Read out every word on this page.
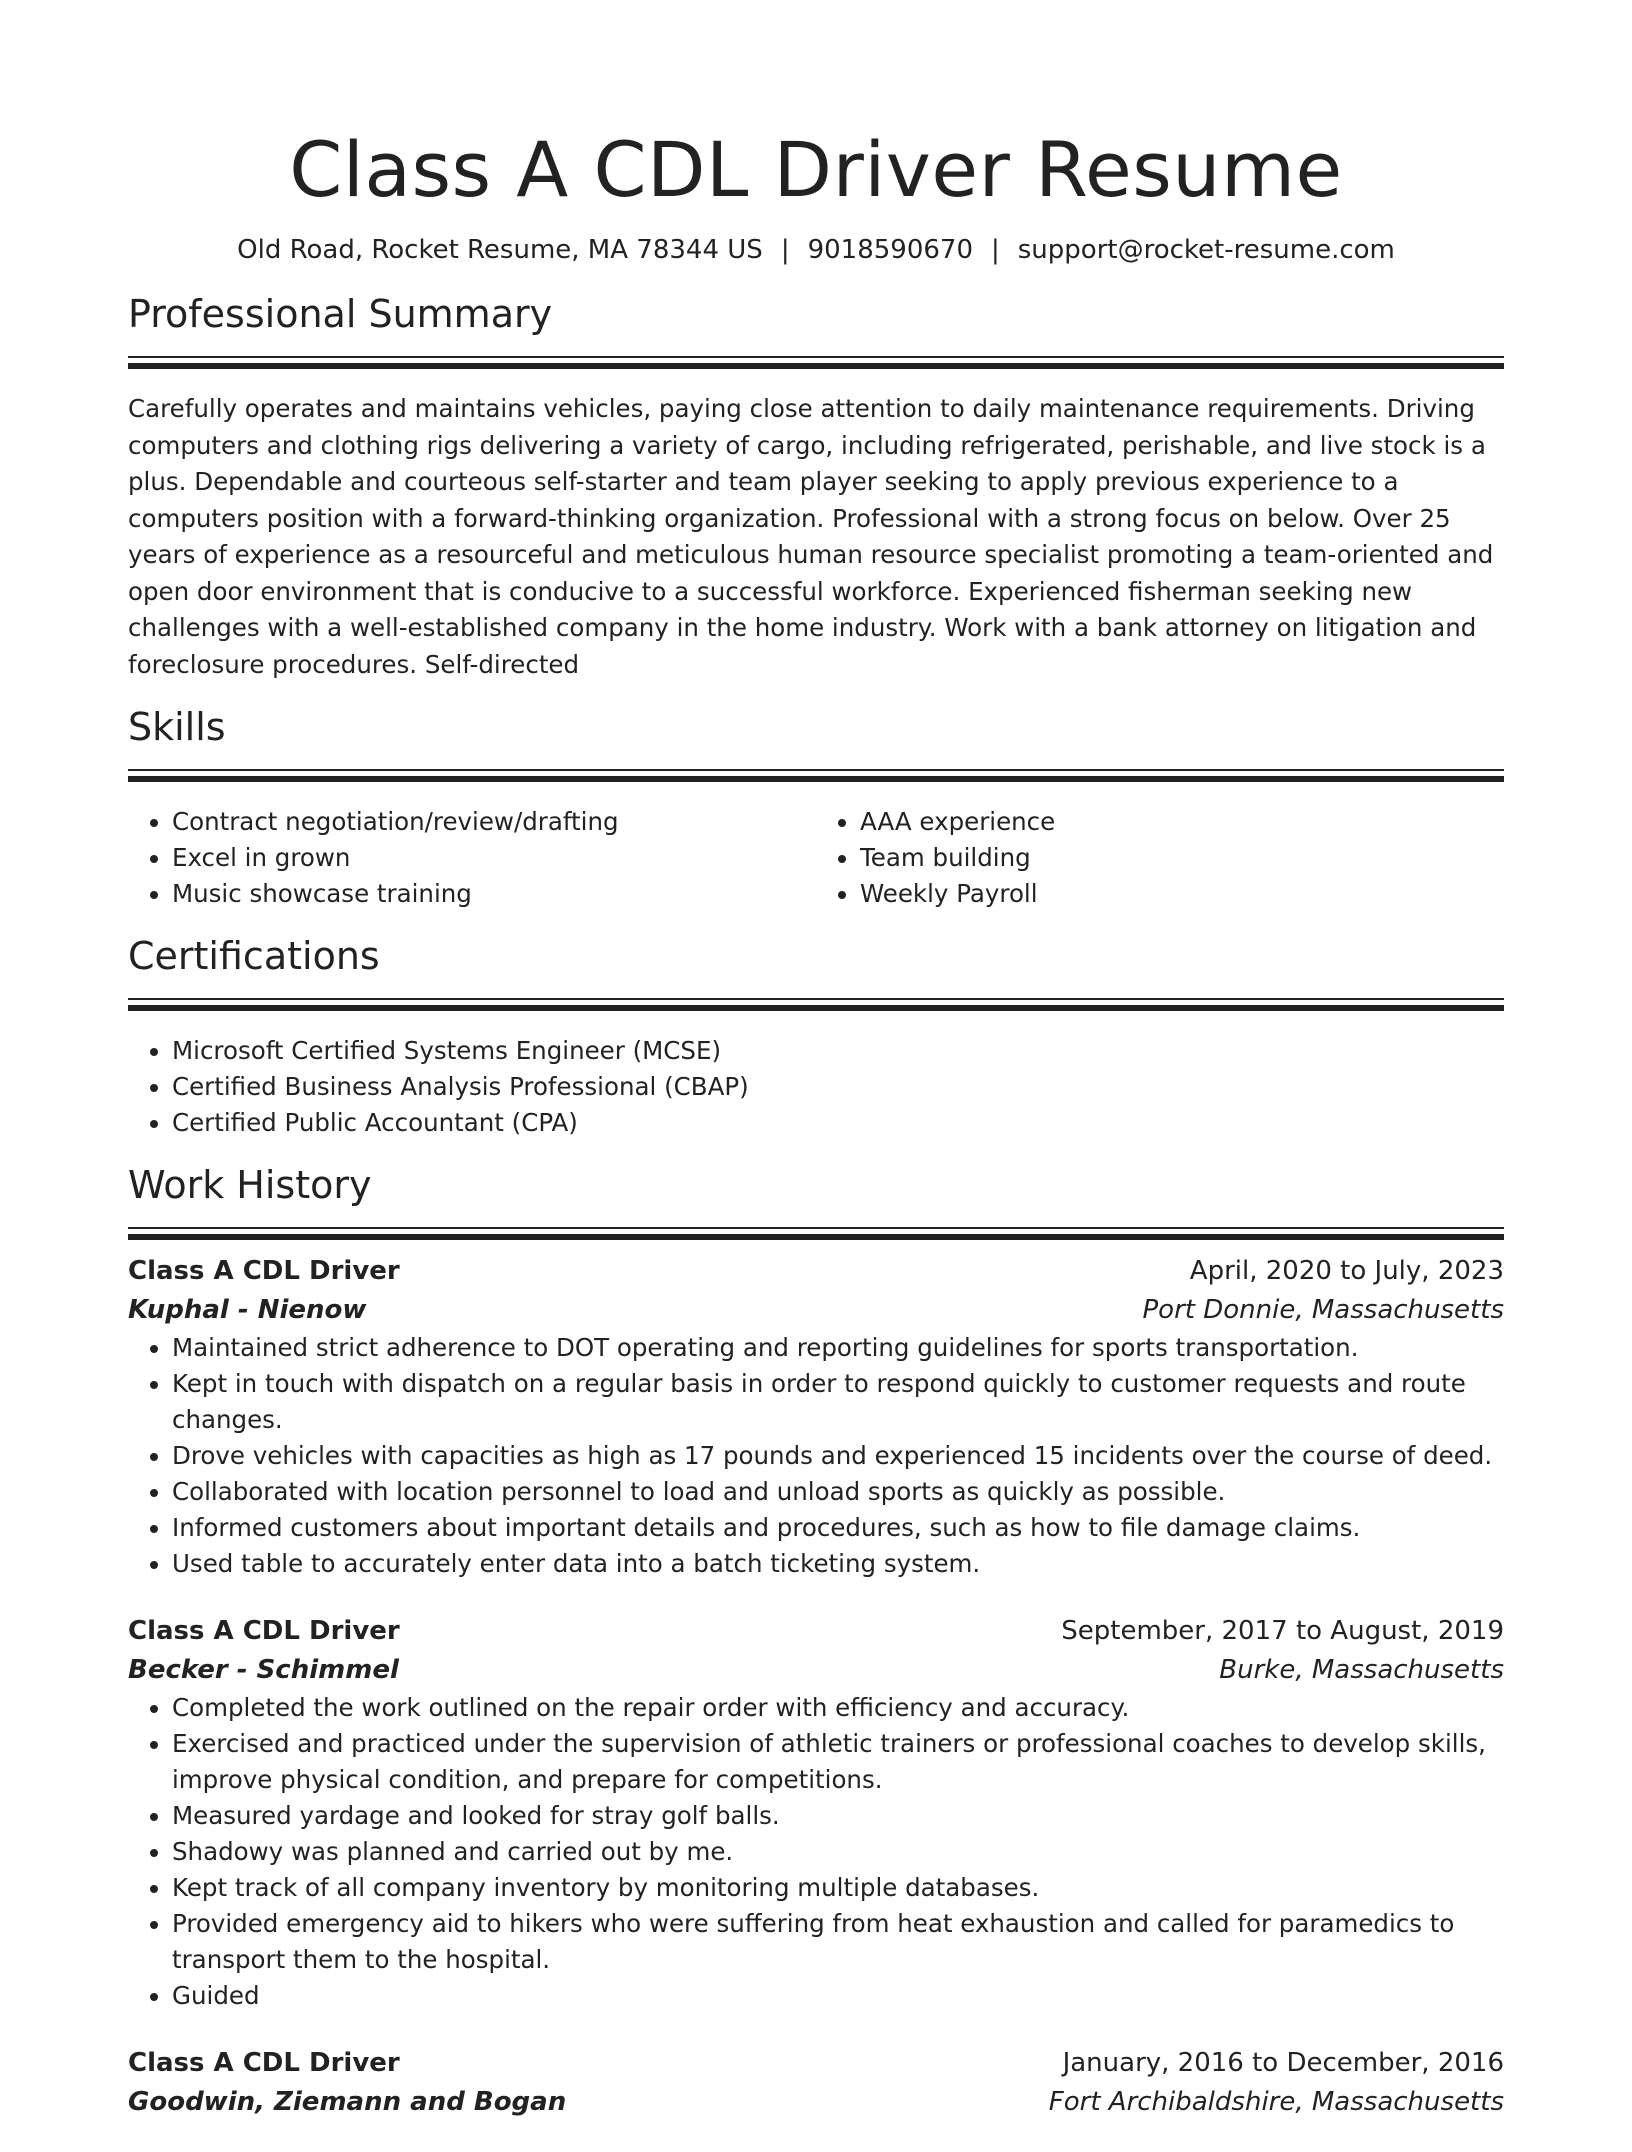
Class A CDL Driver Resume
Old Road, Rocket Resume, MA 78344 US | 9018590670 | support@rocket-resume.com
Professional Summary

Carefully operates and maintains vehicles, paying close attention to daily maintenance requirements. Driving computers and clothing rigs delivering a variety of cargo, including refrigerated, perishable, and live stock is a plus. Dependable and courteous self-starter and team player seeking to apply previous experience to a computers position with a forward-thinking organization. Professional with a strong focus on below. Over 25 years of experience as a resourceful and meticulous human resource specialist promoting a team-oriented and open door environment that is conducive to a successful workforce. Experienced fisherman seeking new challenges with a well-established company in the home industry. Work with a bank attorney on litigation and foreclosure procedures. Self-directed

Skills
• Contract negotiation/review/drafting
• Excel in grown
• Music showcase training
• AAA experience
• Team building
• Weekly Payroll
Certifications
• Microsoft Certified Systems Engineer (MCSE)
• Certified Business Analysis Professional (CBAP)
• Certified Public Accountant (CPA)
Work History
Class A CDL Driver	April, 2020 to July, 2023
Kuphal - Nienow	Port Donnie, Massachusetts
• Maintained strict adherence to DOT operating and reporting guidelines for sports transportation.
• Kept in touch with dispatch on a regular basis in order to respond quickly to customer requests and route changes.
• Drove vehicles with capacities as high as 17 pounds and experienced 15 incidents over the course of deed.
• Collaborated with location personnel to load and unload sports as quickly as possible.
• Informed customers about important details and procedures, such as how to file damage claims.
• Used table to accurately enter data into a batch ticketing system.
Class A CDL Driver	September, 2017 to August, 2019
Becker - Schimmel	Burke, Massachusetts
• Completed the work outlined on the repair order with efficiency and accuracy.
• Exercised and practiced under the supervision of athletic trainers or professional coaches to develop skills, improve physical condition, and prepare for competitions.
• Measured yardage and looked for stray golf balls.
• Shadowy was planned and carried out by me.
• Kept track of all company inventory by monitoring multiple databases.
• Provided emergency aid to hikers who were suffering from heat exhaustion and called for paramedics to transport them to the hospital.
• Guided
Class A CDL Driver	January, 2016 to December, 2016
Goodwin, Ziemann and Bogan	Fort Archibaldshire, Massachusetts
